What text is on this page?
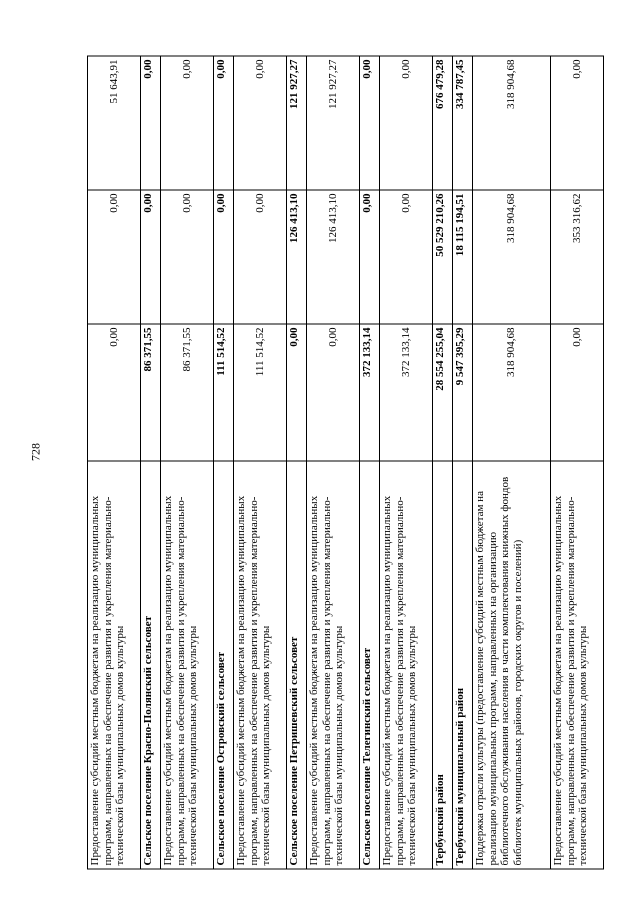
728
Предоставление субсидий местным бюджетам на реализацию муниципальных программ, направленных на обеспечение развития и укрепления материально-технической базы муниципальных домов культуры	0,00	0,00	51 643,91
Сельское поселение Красно-Полянский сельсовет	86 371,55	0,00	0,00
Предоставление субсидий местным бюджетам на реализацию муниципальных программ, направленных на обеспечение развития и укрепления материально-технической базы муниципальных домов культуры	86 371,55	0,00	0,00
Сельское поселение Островский сельсовет	111 514,52	0,00	0,00
Предоставление субсидий местным бюджетам на реализацию муниципальных программ, направленных на обеспечение развития и укрепления материально-технической базы муниципальных домов культуры	111 514,52	0,00	0,00
Сельское поселение Петришевский сельсовет	0,00	126 413,10	121 927,27
Предоставление субсидий местным бюджетам на реализацию муниципальных программ, направленных на обеспечение развития и укрепления материально-технической базы муниципальных домов культуры	0,00	126 413,10	121 927,27
Сельское поселение Телегинский сельсовет	372 133,14	0,00	0,00
Предоставление субсидий местным бюджетам на реализацию муниципальных программ, направленных на обеспечение развития и укрепления материально-технической базы муниципальных домов культуры	372 133,14	0,00	0,00
Тербунский район	28 554 255,04	50 529 210,26	676 479,28
Тербунский муниципальный район	9 547 395,29	18 115 194,51	334 787,45
Поддержка отрасли культуры (предоставление субсидий местным бюджетам на реализацию муниципальных программ, направленных на организацию библиотечного обслуживания населения в части комплектования книжных фондов библиотек муниципальных районов, городских округов и поселений)	318 904,68	318 904,68	318 904,68
Предоставление субсидий местным бюджетам на реализацию муниципальных программ, направленных на обеспечение развития и укрепления материально-технической базы муниципальных домов культуры	0,00	353 316,62	0,00
